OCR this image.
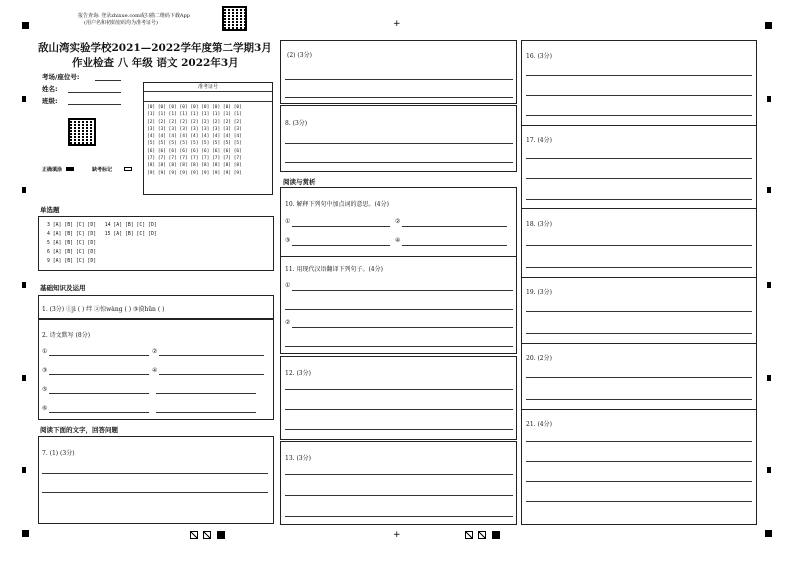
+
+
报告查询: 登录zhixue.com或扫描二维码下载App
(用户名和初始密码均为准考证号)
敌山湾实验学校2021—2022学年度第二学期3月
作业检查 八 年级 语文 2022年3月
考场/座位号:
姓名:
班级:
准考证号
[0] [0] [0] [0] [0] [0] [0] [0] [0]
[1] [1] [1] [1] [1] [1] [1] [1] [1]
[2] [2] [2] [2] [2] [2] [2] [2] [2]
[3] [3] [3] [3] [3] [3] [3] [3] [3]
[4] [4] [4] [4] [4] [4] [4] [4] [4]
[5] [5] [5] [5] [5] [5] [5] [5] [5]
[6] [6] [6] [6] [6] [6] [6] [6] [6]
[7] [7] [7] [7] [7] [7] [7] [7] [7]
[8] [8] [8] [8] [8] [8] [8] [8] [8]
[9] [9] [9] [9] [9] [9] [9] [9] [9]
正确填涂	缺考标记
单选题
3 [A] [B] [C] [D]   14 [A] [B] [C] [D]
4 [A] [B] [C] [D]   15 [A] [B] [C] [D]
5 [A] [B] [C] [D]
6 [A] [B] [C] [D]
9 [A] [B] [C] [D]
基础知识及运用
1. (3分) ①jì ( ) 绊 ②惊wàng ( ) ③漠hūn ( )
2. 诗文默写 (8分)
①	②
③	④
⑤
⑥
阅读下面的文字，回答问题
7. (1) (3分)
(2) (3分)
8. (3分)
阅读与赏析
10. 解释下列句中加点词的意思。(4分)
①	②
③	④
11. 用现代汉语翻译下列句子。(4分)
①
②
12. (3分)
13. (3分)
16. (3分)
17. (4分)
18. (3分)
19. (3分)
20. (2分)
21. (4分)
